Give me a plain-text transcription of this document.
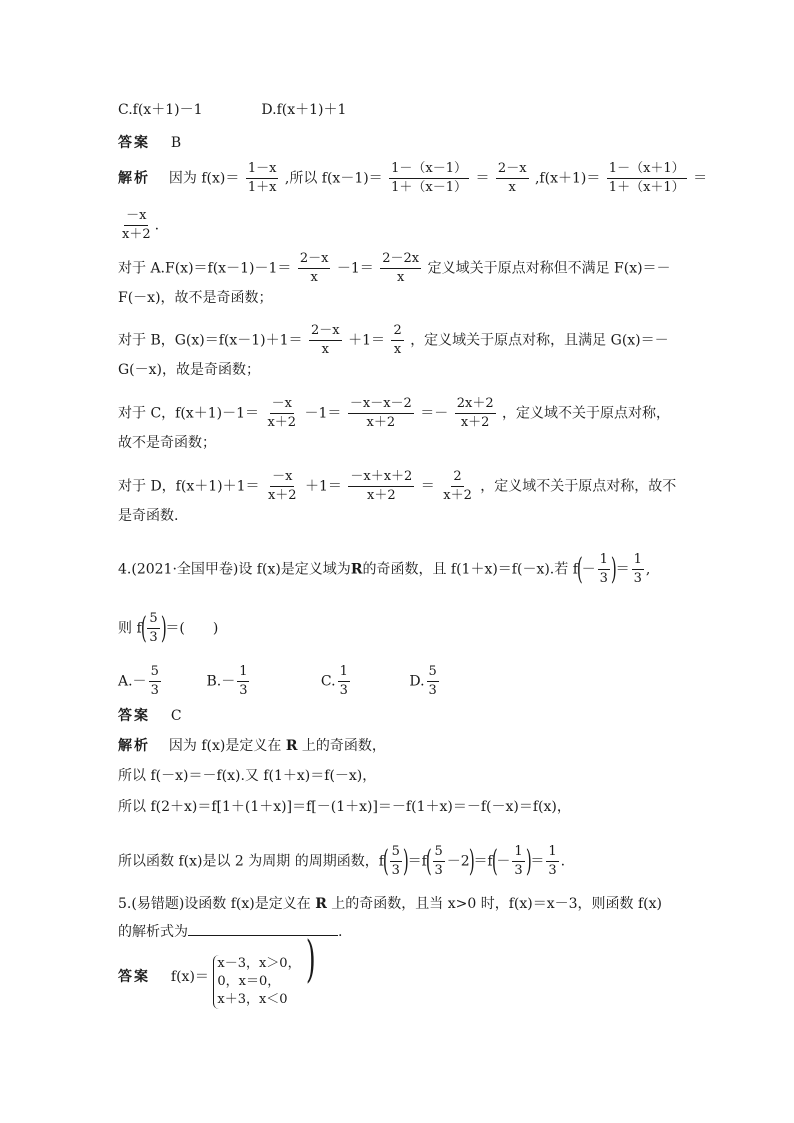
C.f(x＋1)－1	D.f(x＋1)＋1
答案 B
解析 因为 $f(x)= \frac{1-x}{1+x}$ ,所以 $f(x-1)= \frac{1-(x-1)}{1+(x-1)} = \frac{2-x}{x} ,f(x+1)= \frac{1-(x+1)}{1+(x+1)}$ ＝
$\frac{-x}{x+2}$ .
对于 $A.F(x)=f(x-1)-1= \frac{2-x}{x} -1= \frac{2-2x}{x}$ 定义域关于原点对称但不满足 F(x)＝－
F(－x)，故不是奇函数；
对于 B，$G(x)=f(x-1)+1= \frac{2-x}{x} +1= \frac{2}{x}$ ，定义域关于原点对称，且满足 G(x)＝－
G(－x)，故是奇函数；
对于 C，$f(x+1)-1= \frac{-x}{x+2} -1= \frac{-x-x-2}{x+2} =- \frac{2x+2}{x+2}$ ，定义域不关于原点对称，
故不是奇函数；
对于 D，$f(x+1)+1= \frac{-x}{x+2} +1= \frac{-x+x+2}{x+2} = \frac{2}{x+2}$ ，定义域不关于原点对称，故不
是奇函数.
4.(2021·全国甲卷)设 f(x)是定义域为R的奇函数，且 f(1＋x)＝f(－x).若 $f(- \frac{1}{3}$ )＝ $\frac{1}{3}$ ,
则 $f( \frac{5}{3}$ )＝(　　)
$A.- \frac{5}{3}$	$B.- \frac{1}{3}$	C. $\frac{1}{3}$	D. $\frac{5}{3}$
答案 C
解析 因为 f(x)是定义在 R 上的奇函数，
所以 f(－x)＝－f(x).又 f(1＋x)＝f(－x)，
所以 f(2＋x)＝f[1＋(1＋x)]＝f[－(1＋x)]＝－f(1＋x)＝－f(－x)＝f(x)，
所以函数 f(x)是以 2 为周期 的周期函数，$f( \frac{5}{3} )=f( \frac{5}{3} -2)=f(- \frac{1}{3}$ )＝ $\frac{1}{3}$ .
5.(易错题)设函数 f(x)是定义在 R 上的奇函数，且当 x>0 时，f(x)＝x－3，则函数 f(x)
的解析式为	.
答案 f(x)＝
x－3，x＞0，
0，x＝0，
x＋3，x＜0
)
